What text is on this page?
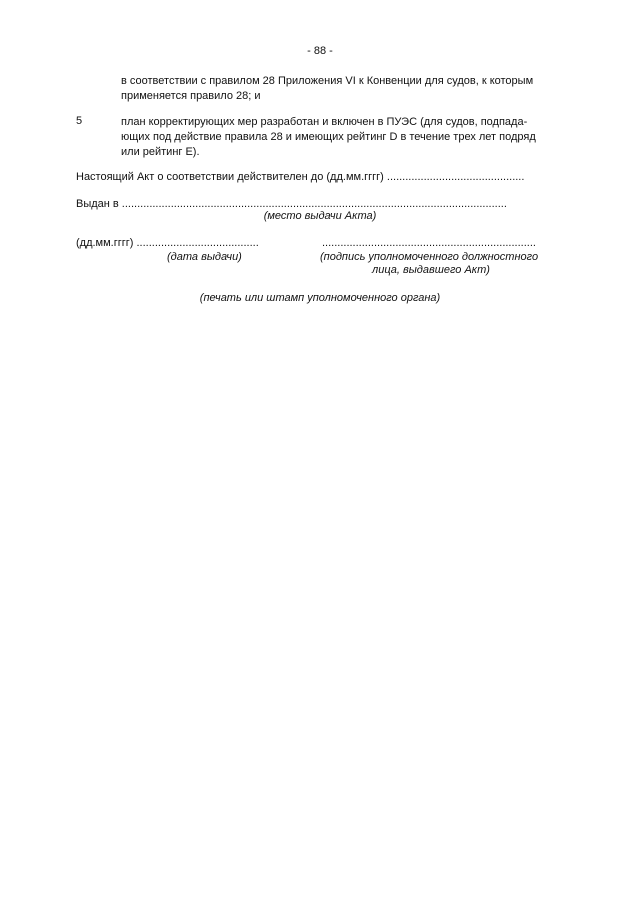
- 88 -
в соответствии с правилом 28 Приложения VI к Конвенции для судов, к которым
применяется правило 28; и
5	план корректирующих мер разработан и включен в ПУЭС (для судов, подпада-
ющих под действие правила 28 и имеющих рейтинг D в течение трех лет подряд
или рейтинг E).
Настоящий Акт о соответствии действителен до (дд.мм.гггг) .............................................
Выдан в ..............................................................................................................................
(место выдачи Акта)
(дд.мм.гггг) ........................................	......................................................................
(дата выдачи)	(подпись уполномоченного должностного
лица, выдавшего Акт)
(печать или штамп уполномоченного органа)
